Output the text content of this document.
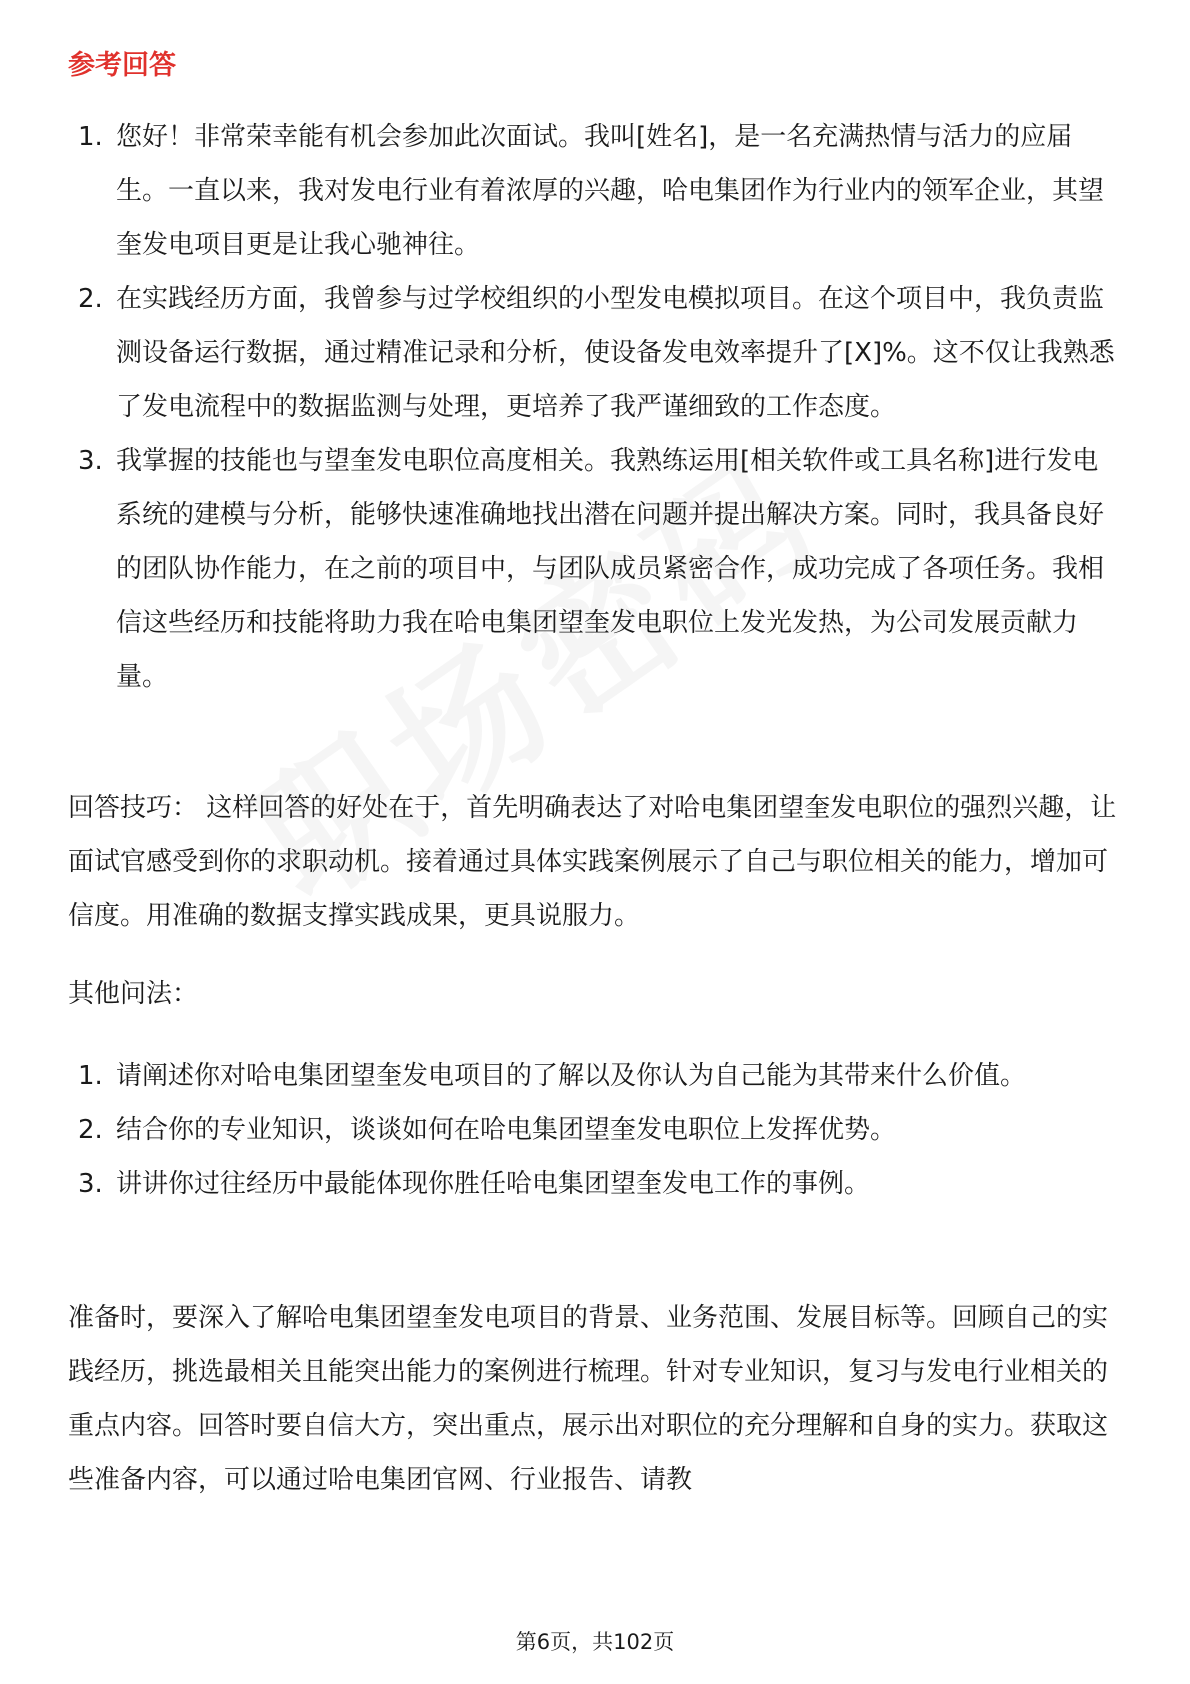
参考回答
1. 您好！非常荣幸能有机会参加此次面试。我叫[姓名]，是一名充满热情与活力的应届生。一直以来，我对发电行业有着浓厚的兴趣，哈电集团作为行业内的领军企业，其望奎发电项目更是让我心驰神往。
2. 在实践经历方面，我曾参与过学校组织的小型发电模拟项目。在这个项目中，我负责监测设备运行数据，通过精准记录和分析，使设备发电效率提升了[X]%。这不仅让我熟悉了发电流程中的数据监测与处理，更培养了我严谨细致的工作态度。
3. 我掌握的技能也与望奎发电职位高度相关。我熟练运用[相关软件或工具名称]进行发电系统的建模与分析，能够快速准确地找出潜在问题并提出解决方案。同时，我具备良好的团队协作能力，在之前的项目中，与团队成员紧密合作，成功完成了各项任务。我相信这些经历和技能将助力我在哈电集团望奎发电职位上发光发热，为公司发展贡献力量。

回答技巧： 这样回答的好处在于，首先明确表达了对哈电集团望奎发电职位的强烈兴趣，让面试官感受到你的求职动机。接着通过具体实践案例展示了自己与职位相关的能力，增加可信度。用准确的数据支撑实践成果，更具说服力。

其他问法：

1. 请阐述你对哈电集团望奎发电项目的了解以及你认为自己能为其带来什么价值。
2. 结合你的专业知识，谈谈如何在哈电集团望奎发电职位上发挥优势。
3. 讲讲你过往经历中最能体现你胜任哈电集团望奎发电工作的事例。

准备时，要深入了解哈电集团望奎发电项目的背景、业务范围、发展目标等。回顾自己的实践经历，挑选最相关且能突出能力的案例进行梳理。针对专业知识，复习与发电行业相关的重点内容。回答时要自信大方，突出重点，展示出对职位的充分理解和自身的实力。获取这些准备内容，可以通过哈电集团官网、行业报告、请教

第6页，共102页
